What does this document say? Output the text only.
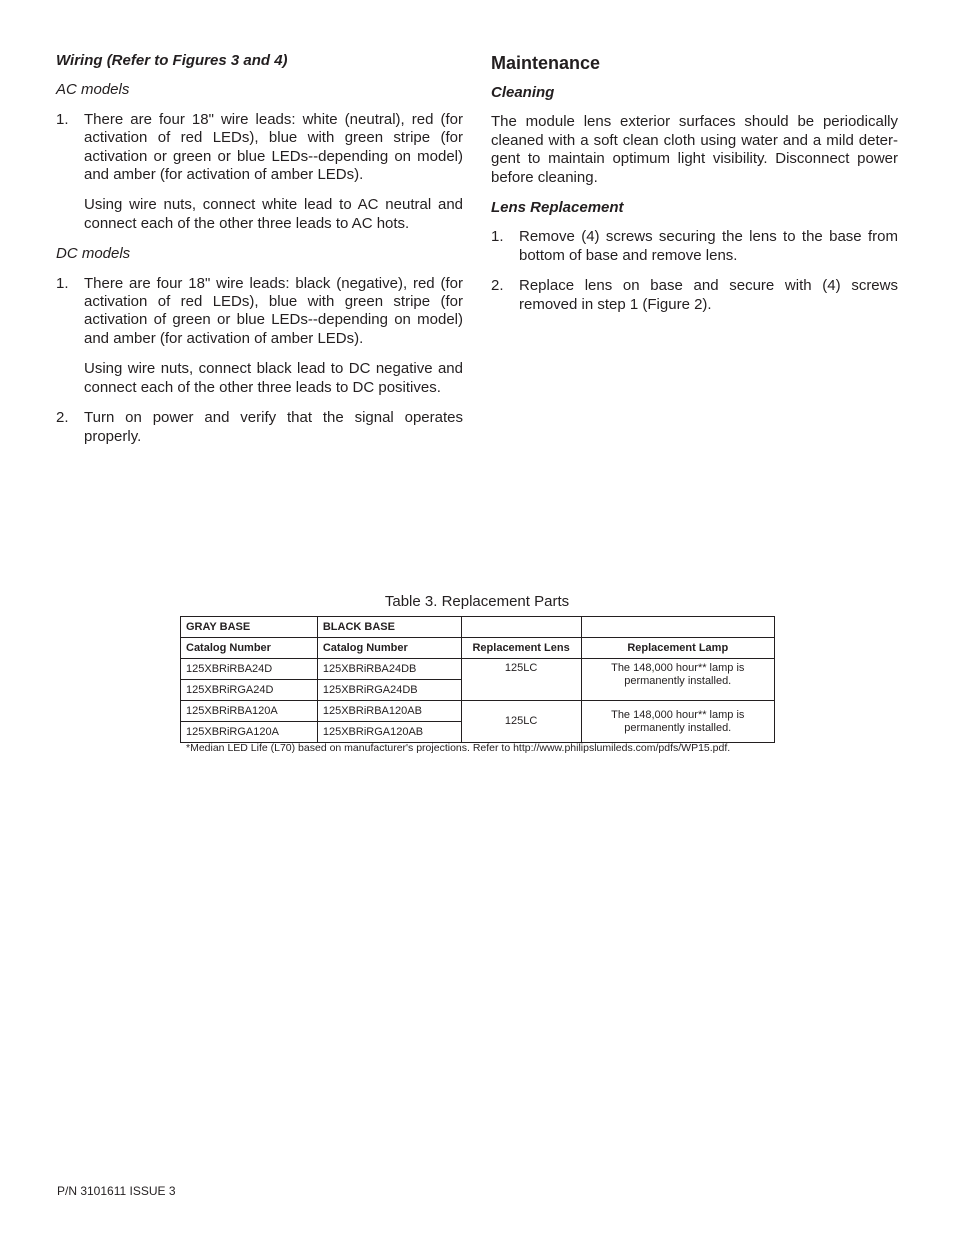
Wiring (Refer to Figures 3 and 4)

AC models

1.	There are four 18" wire leads: white (neutral), red (for activation of red LEDs), blue with green stripe (for activation or green or blue LEDs--depending on model) and amber (for activation of amber LEDs).

Using wire nuts, connect white lead to AC neutral and connect each of the other three leads to AC hots.

DC models

1.	There are four 18" wire leads: black (negative), red (for activation of red LEDs), blue with green stripe (for activation of green or blue LEDs--depending on model) and amber (for activation of amber LEDs).

Using wire nuts, connect black lead to DC negative and connect each of the other three leads to DC positives.

2.	Turn on power and verify that the signal operates properly.

Maintenance

Cleaning

The module lens exterior surfaces should be periodically cleaned with a soft clean cloth using water and a mild deter-gent to maintain optimum light visibility. Disconnect power before cleaning.

Lens Replacement

1.	Remove (4) screws securing the lens to the base from bottom of base and remove lens.

2.	Replace lens on base and secure with (4) screws removed in step 1 (Figure 2).

Table 3. Replacement Parts
GRAY BASE	BLACK BASE		
Catalog Number	Catalog Number	Replacement Lens	Replacement Lamp
125XBRiRBA24D	125XBRiRBA24DB	125LC	The 148,000 hour** lamp is permanently installed.
125XBRiRGA24D	125XBRiRGA24DB		
125XBRiRBA120A	125XBRiRBA120AB	125LC	The 148,000 hour** lamp is permanently installed.
125XBRiRGA120A	125XBRiRGA120AB		
*Median LED Life (L70) based on manufacturer's projections. Refer to http://www.philipslumileds.com/pdfs/WP15.pdf.
P/N 3101611 ISSUE 3
